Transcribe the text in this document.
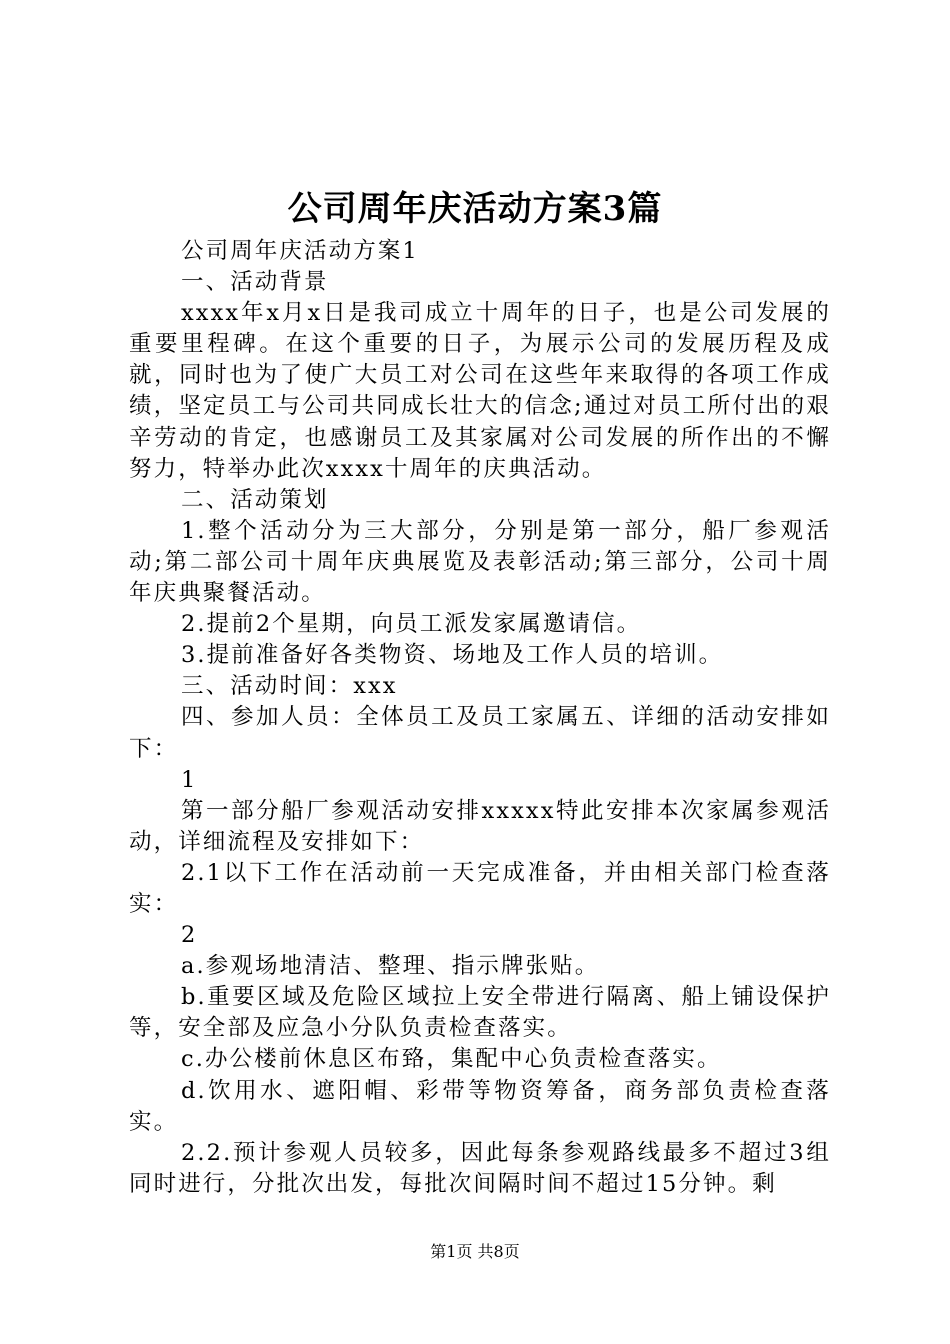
公司周年庆活动方案3篇

公司周年庆活动方案1

一、活动背景

xxxx年x月x日是我司成立十周年的日子，也是公司发展的重要里程碑。在这个重要的日子，为展示公司的发展历程及成就，同时也为了使广大员工对公司在这些年来取得的各项工作成绩，坚定员工与公司共同成长壮大的信念;通过对员工所付出的艰辛劳动的肯定，也感谢员工及其家属对公司发展的所作出的不懈努力，特举办此次xxxx十周年的庆典活动。

二、活动策划

1.整个活动分为三大部分，分别是第一部分，船厂参观活动;第二部公司十周年庆典展览及表彰活动;第三部分，公司十周年庆典聚餐活动。

2.提前2个星期，向员工派发家属邀请信。

3.提前准备好各类物资、场地及工作人员的培训。

三、活动时间：xxx

四、参加人员：全体员工及员工家属五、详细的活动安排如下：

1

第一部分船厂参观活动安排xxxxx特此安排本次家属参观活动，详细流程及安排如下：

2.1以下工作在活动前一天完成准备，并由相关部门检查落实：

2

a.参观场地清洁、整理、指示牌张贴。

b.重要区域及危险区域拉上安全带进行隔离、船上铺设保护等，安全部及应急小分队负责检查落实。

c.办公楼前休息区布臵，集配中心负责检查落实。

d.饮用水、遮阳帽、彩带等物资筹备，商务部负责检查落实。

2.2.预计参观人员较多，因此每条参观路线最多不超过3组同时进行，分批次出发，每批次间隔时间不超过15分钟。剩

第1页 共8页
